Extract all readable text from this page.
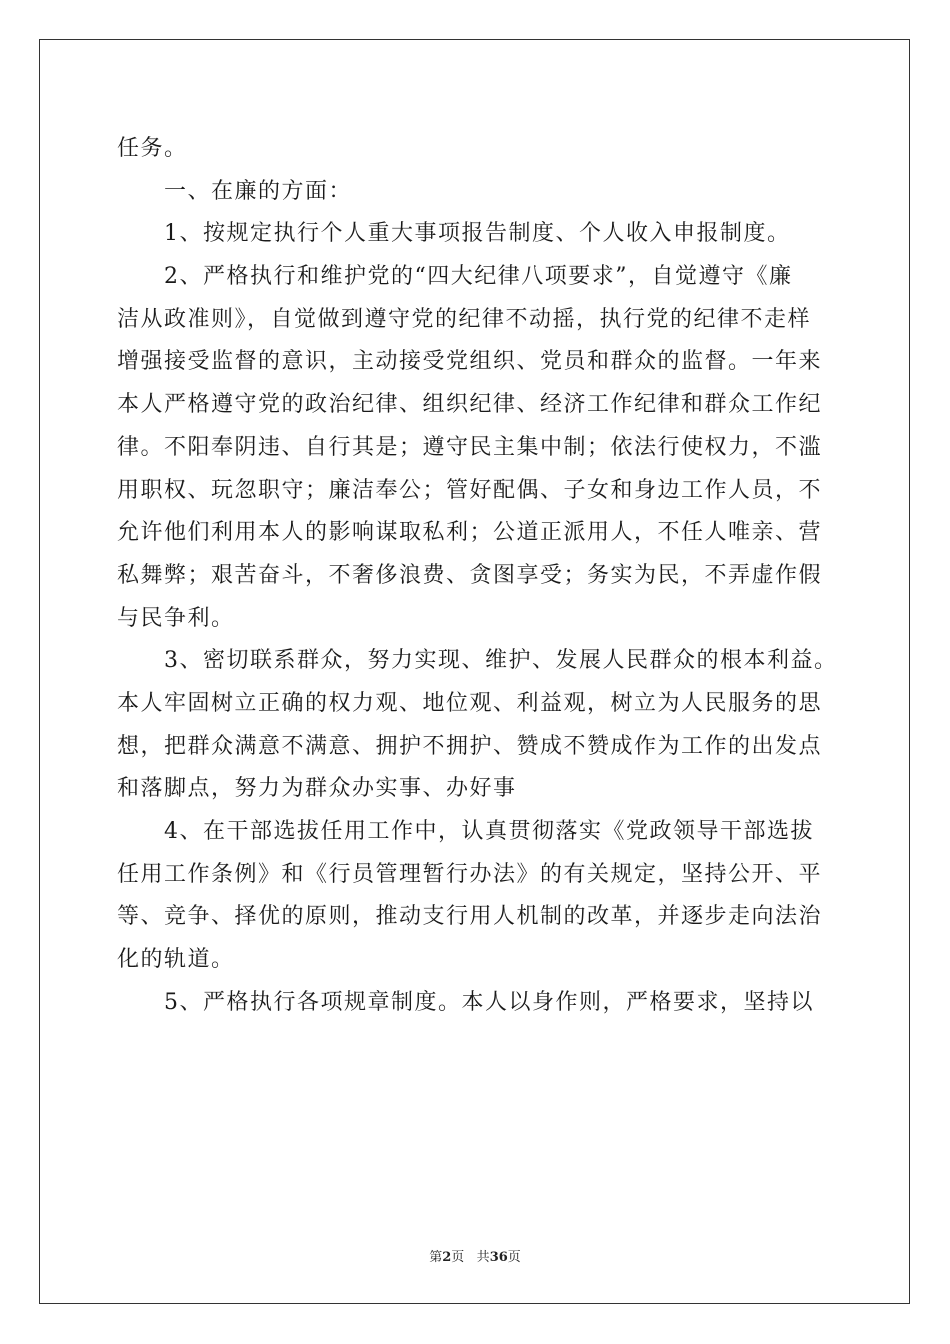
任务。
　　一、在廉的方面：
　　1、按规定执行个人重大事项报告制度、个人收入申报制度。
　　2、严格执行和维护党的“四大纪律八项要求”，自觉遵守《廉
洁从政准则》，自觉做到遵守党的纪律不动摇，执行党的纪律不走样
增强接受监督的意识，主动接受党组织、党员和群众的监督。一年来
本人严格遵守党的政治纪律、组织纪律、经济工作纪律和群众工作纪
律。不阳奉阴违、自行其是；遵守民主集中制；依法行使权力，不滥
用职权、玩忽职守；廉洁奉公；管好配偶、子女和身边工作人员，不
允许他们利用本人的影响谋取私利；公道正派用人，不任人唯亲、营
私舞弊；艰苦奋斗，不奢侈浪费、贪图享受；务实为民，不弄虚作假
与民争利。
　　3、密切联系群众，努力实现、维护、发展人民群众的根本利益。
本人牢固树立正确的权力观、地位观、利益观，树立为人民服务的思
想，把群众满意不满意、拥护不拥护、赞成不赞成作为工作的出发点
和落脚点，努力为群众办实事、办好事
　　4、在干部选拔任用工作中，认真贯彻落实《党政领导干部选拔
任用工作条例》和《行员管理暂行办法》的有关规定，坚持公开、平
等、竞争、择优的原则，推动支行用人机制的改革，并逐步走向法治
化的轨道。
　　5、严格执行各项规章制度。本人以身作则，严格要求，坚持以
第2页 共36页
